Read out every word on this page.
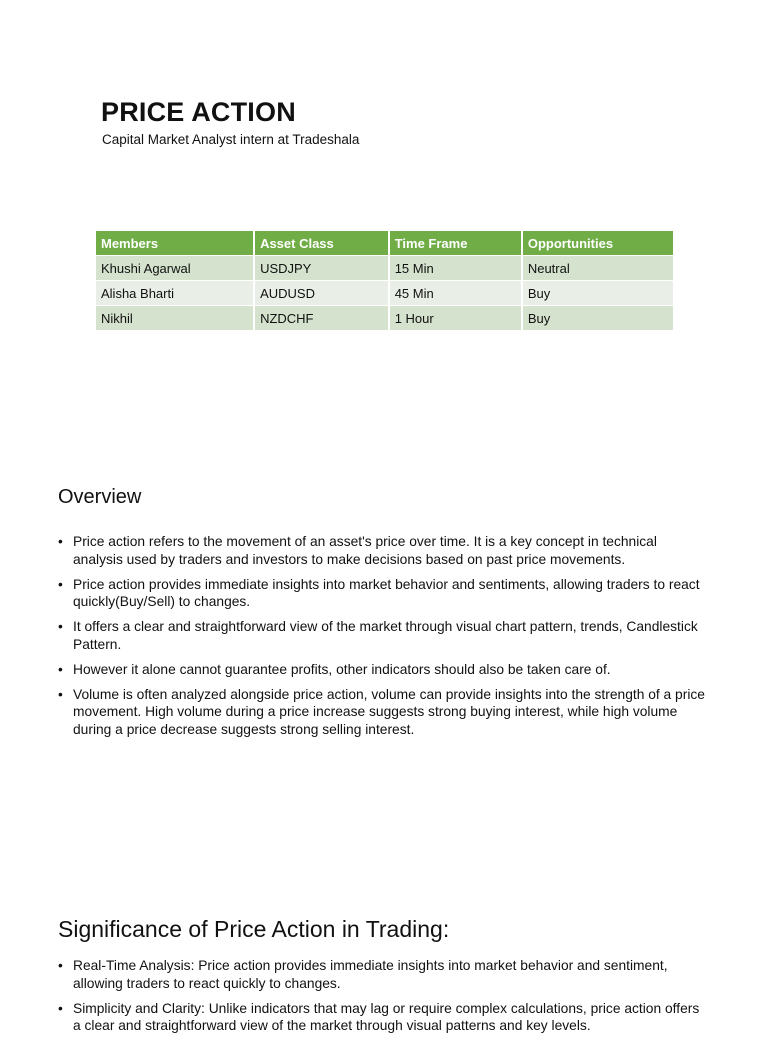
PRICE ACTION

Capital Market Analyst intern at Tradeshala

Members	Asset Class	Time Frame	Opportunities
Khushi Agarwal	USDJPY	15 Min	Neutral
Alisha Bharti	AUDUSD	45 Min	Buy
Nikhil	NZDCHF	1 Hour	Buy
Overview
• Price action refers to the movement of an asset's price over time. It is a key concept in technical analysis used by traders and investors to make decisions based on past price movements.
• Price action provides immediate insights into market behavior and sentiments, allowing traders to react quickly(Buy/Sell) to changes.
• It offers a clear and straightforward view of the market through visual chart pattern, trends, Candlestick Pattern.
• However it alone cannot guarantee profits, other indicators should also be taken care of.
• Volume is often analyzed alongside price action, volume can provide insights into the strength of a price movement. High volume during a price increase suggests strong buying interest, while high volume during a price decrease suggests strong selling interest.
Significance of Price Action in Trading:
• Real-Time Analysis: Price action provides immediate insights into market behavior and sentiment, allowing traders to react quickly to changes.
• Simplicity and Clarity: Unlike indicators that may lag or require complex calculations, price action offers a clear and straightforward view of the market through visual patterns and key levels.
